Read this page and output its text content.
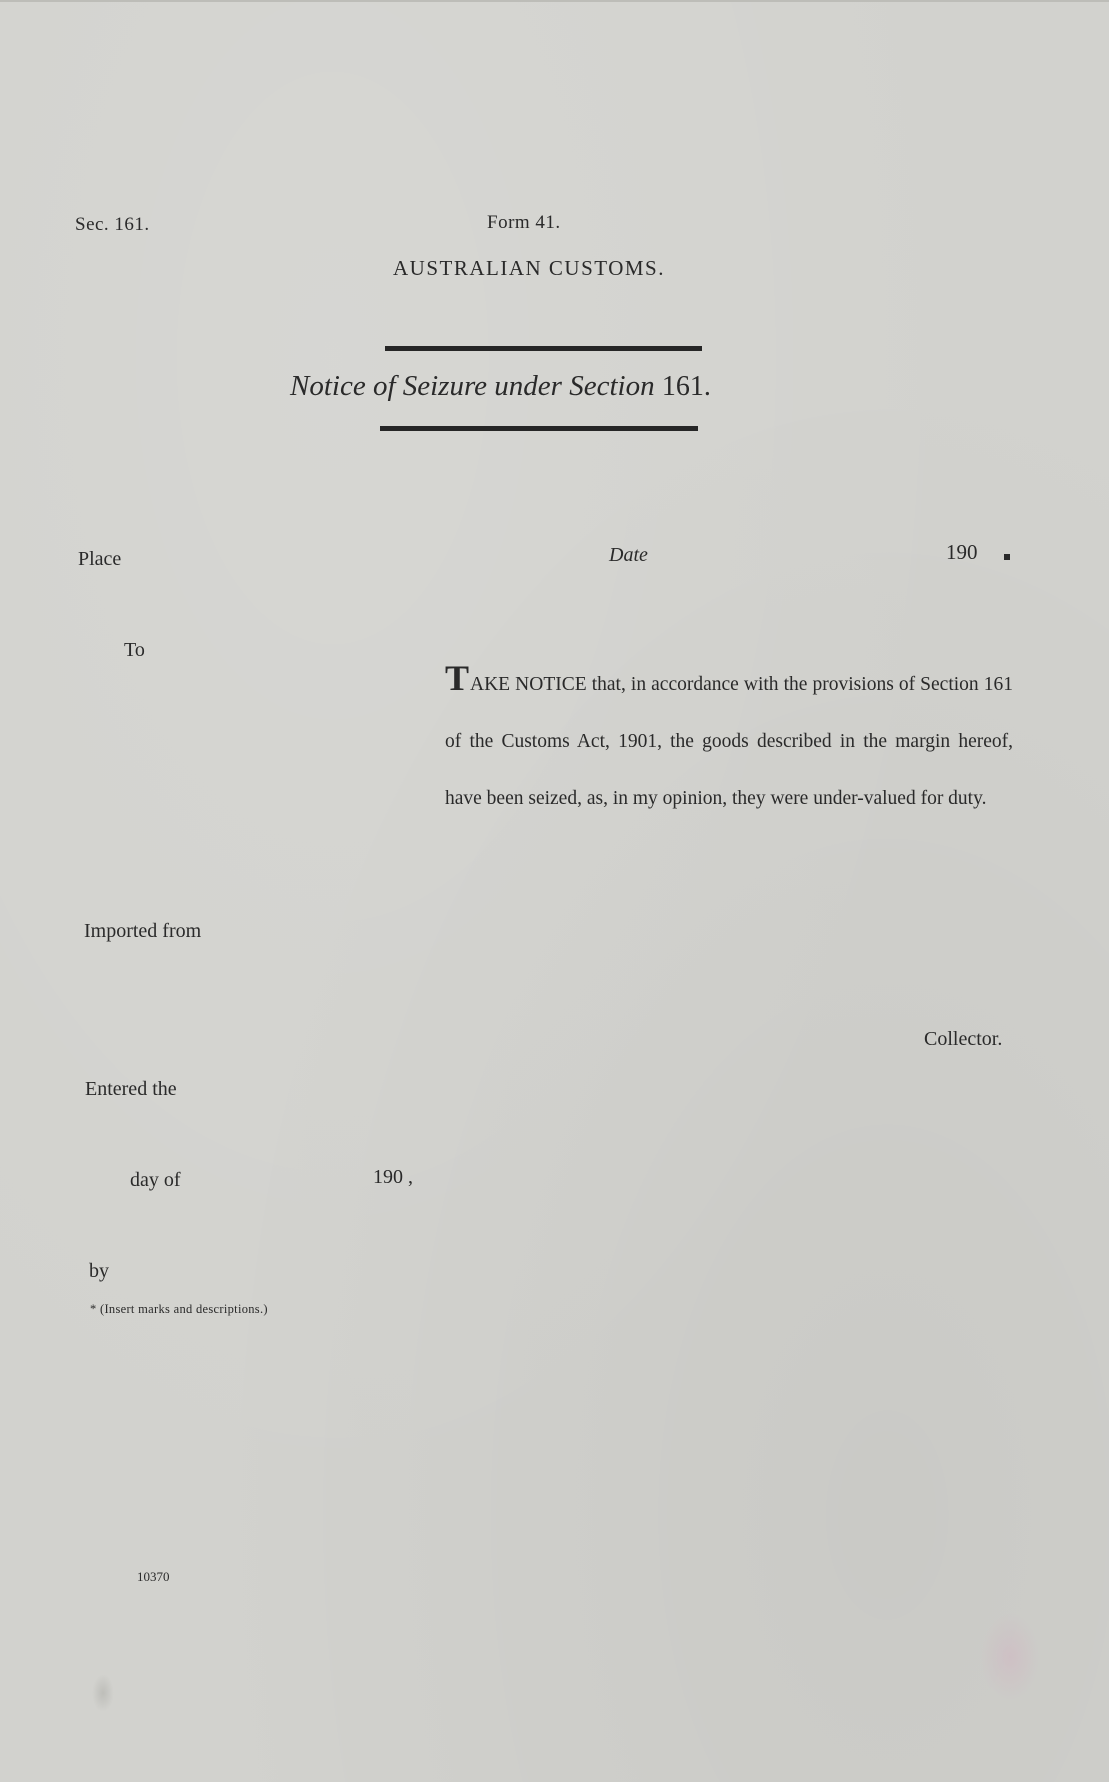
Sec. 161.	Form 41.
AUSTRALIAN CUSTOMS.
Notice of Seizure under Section 161.
Place	Date	190
To
TAKE NOTICE that, in accordance with the provisions of Section 161 of the Customs Act, 1901, the goods described in the margin hereof, have been seized, as, in my opinion, they were under-valued for duty.
Imported from
Collector.
Entered the
day of	190 ,
by
* (Insert marks and descriptions.)
10370
